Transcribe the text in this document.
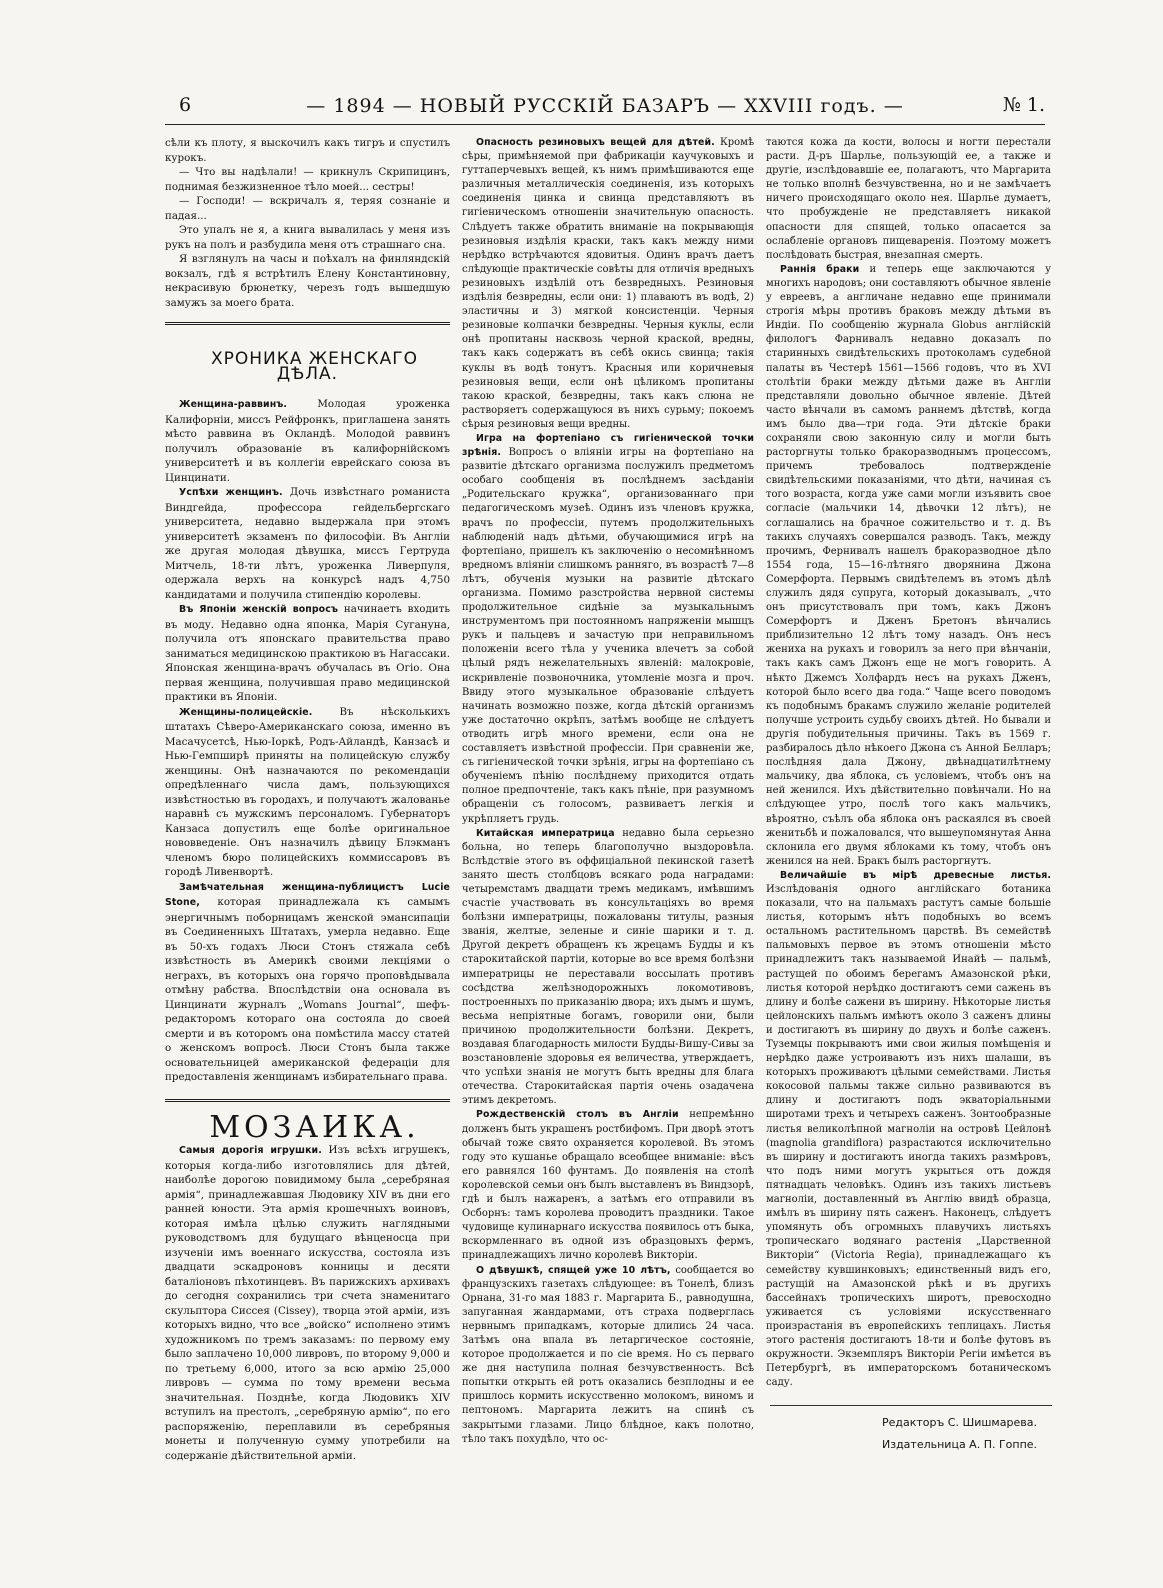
6	— 1894 — НОВЫЙ РУССКІЙ БАЗАРЪ — XXVIII годъ. —	№ 1.

сѣли къ плоту, я выскочилъ какъ тигръ и спустилъ курокъ.

— Что вы надѣлали! — крикнулъ Скрипицинъ, поднимая безжизненное тѣло моей... сестры!

— Господи! — вскричалъ я, теряя сознаніе и падая...

Это упалъ не я, а книга вывалилась у меня изъ рукъ на полъ и разбудила меня отъ страшнаго сна.

Я взглянулъ на часы и поѣхалъ на финляндскій вокзалъ, гдѣ я встрѣтилъ Елену Константиновну, некрасивую брюнетку, черезъ годъ вышедшую замужъ за моего брата.

ХРОНИКА ЖЕНСКАГО ДѢЛА.

Женщина-раввинъ.	Молодая уроженка Калифорніи, миссъ Рейфронкъ, приглашена занять мѣсто раввина въ Окландѣ. Молодой раввинъ получилъ образованіе въ калифорнійскомъ университетѣ и въ коллегіи еврейскаго союза въ Цинцинати.

Успѣхи женщинъ. Дочь извѣстнаго романиста Виндгейда, профессора гейдельбергскаго университета, недавно выдержала при этомъ университетѣ экзаменъ по философіи. Въ Англіи же другая молодая дѣвушка, миссъ Гертруда Митчель, 18-ти лѣтъ, уроженка Ливерпуля, одержала верхъ на конкурсѣ надъ 4,750 кандидатами и получила стипендію королевы.

Въ Японіи женскій вопросъ начинаетъ входить въ моду. Недавно одна японка, Марія Сугануна, получила отъ японскаго правительства право заниматься медицинскою практикою въ Нагассаки. Японская женщина-врачъ обучалась въ Огіо. Она первая женщина, получившая право медицинской практики въ Японіи.

Женщины-полицейскіе.	Въ нѣсколькихъ штатахъ Сѣверо-Американскаго союза, именно въ Масачусетсѣ, Нью-Іоркѣ, Родъ-Айландѣ, Канзасѣ и Нью-Гемпширѣ приняты на полицейскую службу женщины. Онѣ назначаются по рекомендаціи опредѣленнаго числа дамъ, пользующихся извѣстностью въ городахъ, и получаютъ жалованье наравнѣ съ мужскимъ персоналомъ. Губернаторъ Канзаса допустилъ еще болѣе оригинальное нововведеніе. Онъ назначилъ дѣвицу Блэкманъ членомъ бюро полицейскихъ коммиссаровъ въ городѣ Ливенвортѣ.

Замѣчательная женщина-публицистъ Lucie Stone, которая принадлежала къ самымъ энергичнымъ поборницамъ женской эмансипаціи въ Соединенныхъ Штатахъ, умерла недавно. Еще въ 50-хъ годахъ Люси Стонъ стяжала себѣ извѣстность въ Америкѣ своими лекціями о неграхъ, въ которыхъ она горячо проповѣдывала отмѣну рабства. Впослѣдствіи она основала въ Цинцинати журналъ „Womans Journal“, шефъ-редакторомъ котораго она состояла до своей смерти и въ которомъ она помѣстила массу статей о женскомъ вопросѣ. Люси Стонъ была также основательницей американской федераціи для предоставленія женщинамъ избирательнаго права.

МОЗАИКА.

Самыя дорогія игрушки. Изъ всѣхъ игрушекъ, которыя когда-либо изготовлялись для дѣтей, наиболѣе дорогою повидимому была „серебряная армія“, принадлежавшая Людовику XIV въ дни его ранней юности. Эта армія крошечныхъ воиновъ, которая имѣла цѣлью служить наглядными руководствомъ для будущаго вѣнценосца при изученіи имъ военнаго искусства, состояла изъ двадцати эскадроновъ конницы и десяти баталіоновъ пѣхотинцевъ. Въ парижскихъ архивахъ до сегодня сохранились три счета знаменитаго скульптора Сиссея (Cissey), творца этой арміи, изъ которыхъ видно, что все „войско“ исполнено этимъ художникомъ по тремъ заказамъ: по первому ему было заплачено 10,000 ливровъ, по второму 9,000 и по третьему 6,000, итого за всю армію 25,000 ливровъ — сумма по тому времени весьма значительная. Позднѣе, когда Людовикъ XIV вступилъ на престолъ, „серебряную армію“, по его распоряженію, переплавили въ серебряныя монеты и полученную сумму употребили на содержаніе дѣйствительной арміи.

Опасность резиновыхъ вещей для дѣтей. Кромѣ сѣры, примѣняемой при фабрикаціи каучуковыхъ и гуттаперчевыхъ вещей, къ нимъ примѣшиваются еще различныя металлическія соединенія, изъ которыхъ соединенія цинка и свинца представляютъ въ гигіеническомъ отношеніи значительную опасность. Слѣдуетъ также обратить вниманіе на покрывающія резиновыя издѣлія краски, такъ какъ между ними нерѣдко встрѣчаются ядовитыя. Одинъ врачъ даетъ слѣдующіе практическіе совѣты для отличія вредныхъ резиновыхъ издѣлій отъ безвредныхъ. Резиновыя издѣлія безвредны, если они: 1) плаваютъ въ водѣ, 2) эластичны и 3) мягкой консистенціи. Черныя резиновые колпачки безвредны. Черныя куклы, если онѣ пропитаны насквозь черной краской, вредны, такъ какъ содержатъ въ себѣ окись свинца; такія куклы въ водѣ тонутъ. Красныя или коричневыя резиновыя вещи, если онѣ цѣликомъ пропитаны такою краской, безвредны, такъ какъ слюна не растворяетъ содержащуюся въ нихъ сурьму; покоемъ сѣрыя резиновыя вещи вредны.

Игра на фортепіано съ гигіенической точки зрѣнія. Вопросъ о вліяніи игры на фортепіано на развитіе дѣтскаго организма послужилъ предметомъ особаго сообщенія въ послѣднемъ засѣданіи „Родительскаго кружка“, организованнаго при педагогическомъ музеѣ. Одинъ изъ членовъ кружка, врачъ по профессіи, путемъ продолжительныхъ наблюденій надъ дѣтьми, обучающимися игрѣ на фортепіано, пришелъ къ заключенію о несомнѣнномъ вредномъ вліяніи слишкомъ ранняго, въ возрастѣ 7—8 лѣтъ, обученія музыки на развитіе дѣтскаго организма. Помимо разстройства нервной системы продолжительное сидѣніе за музыкальнымъ инструментомъ при постоянномъ напряженіи мышцъ рукъ и пальцевъ и зачастую при неправильномъ положеніи всего тѣла у ученика влечетъ за собой цѣлый рядъ нежелательныхъ явленій: малокровіе, искривленіе позвоночника, утомленіе мозга и проч. Ввиду этого музыкальное образованіе слѣдуетъ начинать возможно позже, когда дѣтскій организмъ уже достаточно окрѣпъ, затѣмъ вообще не слѣдуетъ отводить игрѣ много времени, если она не составляетъ извѣстной профессіи. При сравненіи же, съ гигіенической точки зрѣнія, игры на фортепіано съ обученіемъ пѣнію послѣднему приходится отдать полное предпочтеніе, такъ какъ пѣніе, при разумномъ обращеніи съ голосомъ, развиваетъ легкія и укрѣпляетъ грудь.

Китайская императрица недавно была серьезно больна, но теперь благополучно выздоровѣла. Вслѣдствіе этого въ оффиціальной пекинской газетѣ занято шесть столбцовъ всякаго рода наградами: четыремстамъ двадцати тремъ медикамъ, имѣвшимъ счастіе участвовать въ консультаціяхъ во время болѣзни императрицы, пожалованы титулы, разныя званія, желтые, зеленые и синіе шарики и т. д. Другой декретъ обращенъ къ жрецамъ Будды и къ старокитайской партіи, которые во все время болѣзни императрицы не переставали воссылать противъ сосѣдства желѣзнодорожныхъ локомотивовъ, построенныхъ по приказанію двора; ихъ дымъ и шумъ, весьма непріятные богамъ, говорили они, были причиною продолжительности болѣзни. Декретъ, воздавая благодарность милости Будды-Вишу-Сивы за возстановленіе здоровья ея величества, утверждаетъ, что успѣхи знанія не могутъ быть вредны для блага отечества. Старокитайская партія очень озадачена этимъ декретомъ.

Рождественскій столъ въ Англіи непремѣнно долженъ быть украшенъ ростбифомъ. При дворѣ этотъ обычай тоже свято охраняется королевой. Въ этомъ году это кушанье обращало всеобщее вниманіе: вѣсъ его равнялся 160 фунтамъ. До появленія на столѣ королевской семьи онъ былъ выставленъ въ Виндзорѣ, гдѣ и былъ нажаренъ, а затѣмъ его отправили въ Осборнъ: тамъ королева проводитъ праздники. Такое чудовище кулинарнаго искусства появилось отъ быка, вскормленнаго въ одной изъ образцовыхъ фермъ, принадлежащихъ лично королевѣ Викторіи.

О дѣвушкѣ, спящей уже 10 лѣтъ, сообщается во французскихъ газетахъ слѣдующее: въ Тонелѣ, близъ Орнана, 31-го мая 1883 г. Маргарита Б., равнодушна, запуганная жандармами, отъ страха подверглась нервнымъ припадкамъ, которые длились 24 часа. Затѣмъ она впала въ летаргическое состояніе, которое продолжается и по сіе время. Но съ перваго же дня наступила полная безчувственность. Всѣ попытки открыть ей ротъ оказались безплодны и ее пришлось кормить искусственно молокомъ, виномъ и пептономъ. Маргарита лежитъ на спинѣ съ закрытыми глазами. Лицо блѣдное, какъ полотно, тѣло такъ похудѣло, что ос-

таются кожа да кости, волосы и ногти перестали расти. Д-ръ Шарлье, пользующій ее, а также и другіе, изслѣдовавшіе ее, полагаютъ, что Маргарита не только вполнѣ безчувственна, но и не замѣчаетъ ничего происходящаго около нея. Шарлье думаетъ, что пробужденіе не представляетъ никакой опасности для спящей, только опасается за ослабленіе органовъ пищеваренія. Поэтому можетъ послѣдовать быстрая, внезапная смерть.

Раннія браки и теперь еще заключаются у многихъ народовъ; они составляютъ обычное явленіе у евреевъ, а англичане недавно еще принимали строгія мѣры противъ браковъ между дѣтьми въ Индіи. По сообщенію журнала Globus англійскій филологъ Фарнивалъ недавно доказалъ по старинныхъ свидѣтельскихъ протоколамъ судебной палаты въ Честерѣ 1561—1566 годовъ, что въ XVI столѣтіи браки между дѣтьми даже въ Англіи представляли довольно обычное явленіе. Дѣтей часто вѣнчали въ самомъ раннемъ дѣтствѣ, когда имъ было два—три года. Эти дѣтскіе браки сохраняли свою законную силу и могли быть расторгнуты только бракоразводнымъ процессомъ, причемъ требовалось подтвержденіе свидѣтельскими показаніями, что дѣти, начиная съ того возраста, когда уже сами могли изъявить свое согласіе (мальчики 14, дѣвочки 12 лѣтъ), не соглашались на брачное сожительство и т. д. Въ такихъ случаяхъ совершался разводъ. Такъ, между прочимъ, Фернивалъ нашелъ бракоразводное дѣло 1554 года, 15—16-лѣтняго дворянина Джона Сомерфорта. Первымъ свидѣтелемъ въ этомъ дѣлѣ служилъ дядя супруга, который доказывалъ, „что онъ присутствовалъ при томъ, какъ Джонъ Сомерфортъ и Дженъ Бретонъ вѣнчались приблизительно 12 лѣтъ тому назадъ. Онъ несъ жениха на рукахъ и говорилъ за него при вѣнчаніи, такъ какъ самъ Джонъ еще не могъ говорить. А нѣкто Джемсъ Холфардъ несъ на рукахъ Дженъ, которой было всего два года.“ Чаще всего поводомъ къ подобнымъ бракамъ служило желаніе родителей получше устроить судьбу своихъ дѣтей. Но бывали и другія побудительныя причины. Такъ въ 1569 г. разбиралось дѣло нѣкоего Джона съ Анной Белларъ; послѣдняя дала Джону, двѣнадцатилѣтнему мальчику, два яблока, съ условіемъ, чтобъ онъ на ней женился. Ихъ дѣйствительно повѣнчали. Но на слѣдующее утро, послѣ того какъ мальчикъ, вѣроятно, съѣлъ оба яблока онъ раскаялся въ своей женитьбѣ и пожаловался, что вышеупомянутая Анна склонила его двумя яблоками къ тому, чтобъ онъ женился на ней. Бракъ былъ расторгнутъ.

Величайшіе въ мірѣ древесные листья. Изслѣдованія одного англійскаго ботаника показали, что на пальмахъ растутъ самые большіе листья, которымъ нѣтъ подобныхъ во всемъ остальномъ растительномъ царствѣ. Въ семействѣ пальмовыхъ первое въ этомъ отношеніи мѣсто принадлежитъ такъ называемой Инайѣ — пальмѣ, растущей по обоимъ берегамъ Амазонской рѣки, листья которой нерѣдко достигаютъ семи сажень въ длину и болѣе сажени въ ширину. Нѣкоторые листья цейлонскихъ пальмъ имѣютъ около 3 саженъ длины и достигаютъ въ ширину до двухъ и болѣе саженъ. Туземцы покрываютъ ими свои жилыя помѣщенія и нерѣдко даже устроиваютъ изъ нихъ шалаши, въ которыхъ проживаютъ цѣлыми семействами. Листья кокосовой пальмы также сильно развиваются въ длину и достигаютъ подъ экваторіальными широтами трехъ и четырехъ саженъ. Зонтообразные листья великолѣпной магноліи на островѣ Цейлонѣ (magnolia grandiflora) разрастаются исключительно въ ширину и достигаютъ иногда такихъ размѣровъ, что подъ ними могутъ укрыться отъ дождя пятнадцать человѣкъ. Одинъ изъ такихъ листьевъ магноліи, доставленный въ Англію ввидѣ образца, имѣлъ въ ширину пять саженъ. Наконецъ, слѣдуетъ упомянуть объ огромныхъ плавучихъ листьяхъ тропическаго водянаго растенія „Царственной Викторіи“ (Victoria Regia), принадлежащаго къ семейству кувшинковыхъ; единственный видъ его, растущій на Амазонской рѣкѣ и въ другихъ бассейнахъ тропическихъ широтъ, превосходно уживается съ условіями искусственнаго произрастанія въ европейскихъ теплицахъ. Листья этого растенія достигаютъ 18-ти и болѣе футовъ въ окружности. Экземпляръ Викторіи Регіи имѣется въ Петербургѣ, въ императорскомъ ботаническомъ саду.

Редакторъ С. Шишмарева.
Издательница А. П. Гоппе.
